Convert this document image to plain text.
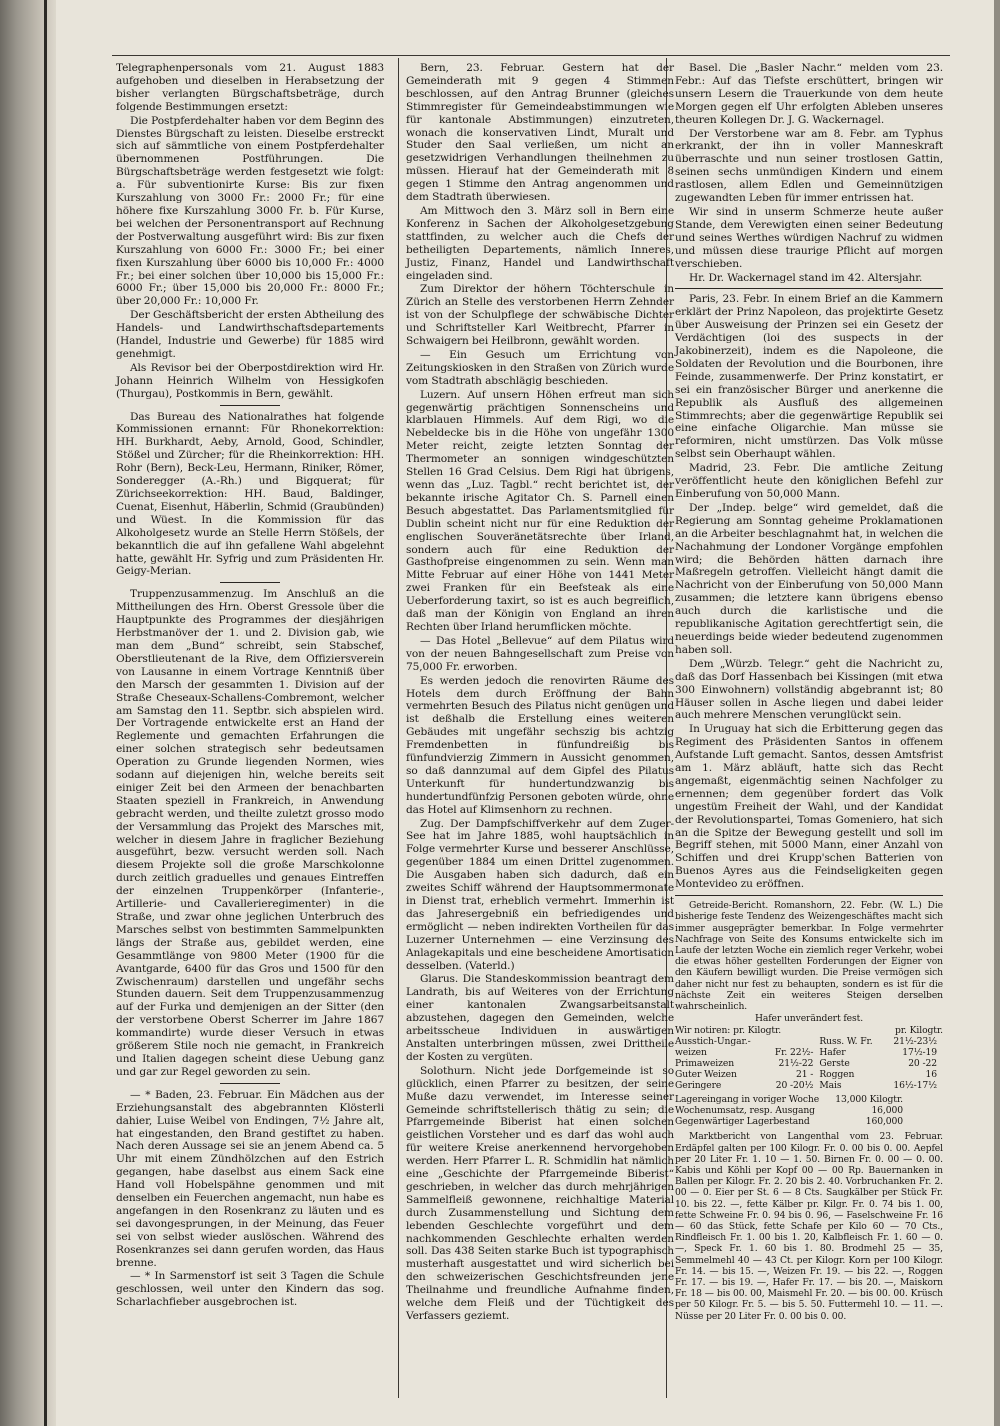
Telegraphenpersonals vom 21. August 1883 aufgehoben und dieselben in Herabsetzung der bisher verlangten Bürgschaftsbeträge, durch folgende Bestimmungen ersetzt:

Die Postpferdehalter haben vor dem Beginn des Dienstes Bürgschaft zu leisten. Dieselbe erstreckt sich auf sämmtliche von einem Postpferdehalter übernommenen Postführungen. Die Bürgschaftsbeträge werden festgesetzt wie folgt: a. Für subventionirte Kurse: Bis zur fixen Kurszahlung von 3000 Fr.: 2000 Fr.; für eine höhere fixe Kurszahlung 3000 Fr. b. Für Kurse, bei welchen der Personentransport auf Rechnung der Postverwaltung ausgeführt wird: Bis zur fixen Kurszahlung von 6000 Fr.: 3000 Fr.; bei einer fixen Kurszahlung über 6000 bis 10,000 Fr.: 4000 Fr.; bei einer solchen über 10,000 bis 15,000 Fr.: 6000 Fr.; über 15,000 bis 20,000 Fr.: 8000 Fr.; über 20,000 Fr.: 10,000 Fr.

Der Geschäftsbericht der ersten Abtheilung des Handels- und Landwirthschaftsdepartements (Handel, Industrie und Gewerbe) für 1885 wird genehmigt.

Als Revisor bei der Oberpostdirektion wird Hr. Johann Heinrich Wilhelm von Hessigkofen (Thurgau), Postkommis in Bern, gewählt.

Das Bureau des Nationalrathes hat folgende Kommissionen ernannt: Für Rhonekorrektion: HH. Burkhardt, Aeby, Arnold, Good, Schindler, Stößel und Zürcher; für die Rheinkorrektion: HH. Rohr (Bern), Beck-Leu, Hermann, Riniker, Römer, Sonderegger (A.-Rh.) und Bigquerat; für Zürichseekorrektion: HH. Baud, Baldinger, Cuenat, Eisenhut, Häberlin, Schmid (Graubünden) und Wüest. In die Kommission für das Alkoholgesetz wurde an Stelle Herrn Stößels, der bekanntlich die auf ihn gefallene Wahl abgelehnt hatte, gewählt Hr. Syfrig und zum Präsidenten Hr. Geigy-Merian.

Truppenzusammenzug. Im Anschluß an die Mittheilungen des Hrn. Oberst Gressole über die Hauptpunkte des Programmes der diesjährigen Herbstmanöver der 1. und 2. Division gab, wie man dem „Bund“ schreibt, sein Stabschef, Oberstlieutenant de la Rive, dem Offiziersverein von Lausanne in einem Vortrage Kenntniß über den Marsch der gesammten 1. Division auf der Straße Cheseaux-Schallens-Combremont, welcher am Samstag den 11. Septbr. sich abspielen wird. Der Vortragende entwickelte erst an Hand der Reglemente und gemachten Erfahrungen die einer solchen strategisch sehr bedeutsamen Operation zu Grunde liegenden Normen, wies sodann auf diejenigen hin, welche bereits seit einiger Zeit bei den Armeen der benachbarten Staaten speziell in Frankreich, in Anwendung gebracht werden, und theilte zuletzt grosso modo der Versammlung das Projekt des Marsches mit, welcher in diesem Jahre in fraglicher Beziehung ausgeführt, bezw. versucht werden soll. Nach diesem Projekte soll die große Marschkolonne durch zeitlich graduelles und genaues Eintreffen der einzelnen Truppenkörper (Infanterie-, Artillerie- und Cavallerieregimenter) in die Straße, und zwar ohne jeglichen Unterbruch des Marsches selbst von bestimmten Sammelpunkten längs der Straße aus, gebildet werden, eine Gesammtlänge von 9800 Meter (1900 für die Avantgarde, 6400 für das Gros und 1500 für den Zwischenraum) darstellen und ungefähr sechs Stunden dauern. Seit dem Truppenzusammenzug auf der Furka und demjenigen an der Sitter (den der verstorbene Oberst Scherrer im Jahre 1867 kommandirte) wurde dieser Versuch in etwas größerem Stile noch nie gemacht, in Frankreich und Italien dagegen scheint diese Uebung ganz und gar zur Regel geworden zu sein.

— * Baden, 23. Februar. Ein Mädchen aus der Erziehungsanstalt des abgebrannten Klösterli dahier, Luise Weibel von Endingen, 7½ Jahre alt, hat eingestanden, den Brand gestiftet zu haben. Nach deren Aussage sei sie an jenem Abend ca. 5 Uhr mit einem Zündhölzchen auf den Estrich gegangen, habe daselbst aus einem Sack eine Hand voll Hobelspähne genommen und mit denselben ein Feuerchen angemacht, nun habe es angefangen in den Rosenkranz zu läuten und es sei davongesprungen, in der Meinung, das Feuer sei von selbst wieder auslöschen. Während des Rosenkranzes sei dann gerufen worden, das Haus brenne.

— * In Sarmenstorf ist seit 3 Tagen die Schule geschlossen, weil unter den Kindern das sog. Scharlachfieber ausgebrochen ist.

Bern, 23. Februar. Gestern hat der Gemeinderath mit 9 gegen 4 Stimmen beschlossen, auf den Antrag Brunner (gleiches Stimmregister für Gemeindeabstimmungen wie für kantonale Abstimmungen) einzutreten, wonach die konservativen Lindt, Muralt und Studer den Saal verließen, um nicht an gesetzwidrigen Verhandlungen theilnehmen zu müssen. Hierauf hat der Gemeinderath mit 8 gegen 1 Stimme den Antrag angenommen und dem Stadtrath überwiesen.

Am Mittwoch den 3. März soll in Bern eine Konferenz in Sachen der Alkoholgesetzgebung stattfinden, zu welcher auch die Chefs der betheiligten Departements, nämlich Inneres, Justiz, Finanz, Handel und Landwirthschaft eingeladen sind.

Zum Direktor der höhern Töchterschule in Zürich an Stelle des verstorbenen Herrn Zehnder ist von der Schulpflege der schwäbische Dichter und Schriftsteller Karl Weitbrecht, Pfarrer in Schwaigern bei Heilbronn, gewählt worden.

— Ein Gesuch um Errichtung von Zeitungskiosken in den Straßen von Zürich wurde vom Stadtrath abschlägig beschieden.

Luzern. Auf unsern Höhen erfreut man sich gegenwärtig prächtigen Sonnenscheins und klarblauen Himmels. Auf dem Rigi, wo die Nebeldecke bis in die Höhe von ungefähr 1300 Meter reicht, zeigte letzten Sonntag der Thermometer an sonnigen windgeschützten Stellen 16 Grad Celsius. Dem Rigi hat übrigens, wenn das „Luz. Tagbl.“ recht berichtet ist, der bekannte irische Agitator Ch. S. Parnell einen Besuch abgestattet. Das Parlamentsmitglied für Dublin scheint nicht nur für eine Reduktion der englischen Souveränetätsrechte über Irland, sondern auch für eine Reduktion der Gasthofpreise eingenommen zu sein. Wenn man Mitte Februar auf einer Höhe von 1441 Meter zwei Franken für ein Beefsteak als eine Ueberforderung taxirt, so ist es auch begreiflich, daß man der Königin von England an ihren Rechten über Irland herumflicken möchte.

— Das Hotel „Bellevue“ auf dem Pilatus wird von der neuen Bahngesellschaft zum Preise von 75,000 Fr. erworben.

Es werden jedoch die renovirten Räume des Hotels dem durch Eröffnung der Bahn vermehrten Besuch des Pilatus nicht genügen und ist deßhalb die Erstellung eines weiteren Gebäudes mit ungefähr sechszig bis achtzig Fremdenbetten in fünfundreißig bis fünfundvierzig Zimmern in Aussicht genommen, so daß dannzumal auf dem Gipfel des Pilatus Unterkunft für hundertundzwanzig bis hundertundfünfzig Personen geboten würde, ohne das Hotel auf Klimsenhorn zu rechnen.

Zug. Der Dampfschiffverkehr auf dem Zuger-See hat im Jahre 1885, wohl hauptsächlich in Folge vermehrter Kurse und besserer Anschlüsse, gegenüber 1884 um einen Drittel zugenommen. Die Ausgaben haben sich dadurch, daß ein zweites Schiff während der Hauptsommermonate in Dienst trat, erheblich vermehrt. Immerhin ist das Jahresergebniß ein befriedigendes und ermöglicht — neben indirekten Vortheilen für das Luzerner Unternehmen — eine Verzinsung des Anlagekapitals und eine bescheidene Amortisation desselben. (Vaterld.)

Glarus. Die Standeskommission beantragt dem Landrath, bis auf Weiteres von der Errichtung einer kantonalen Zwangsarbeitsanstalt abzustehen, dagegen den Gemeinden, welche arbeitsscheue Individuen in auswärtigen Anstalten unterbringen müssen, zwei Drittheile der Kosten zu vergüten.

Solothurn. Nicht jede Dorfgemeinde ist so glücklich, einen Pfarrer zu besitzen, der seine Muße dazu verwendet, im Interesse seiner Gemeinde schriftstellerisch thätig zu sein; die Pfarrgemeinde Biberist hat einen solchen geistlichen Vorsteher und es darf das wohl auch für weitere Kreise anerkennend hervorgehoben werden. Herr Pfarrer L. R. Schmidlin hat nämlich eine „Geschichte der Pfarrgemeinde Biberist“ geschrieben, in welcher das durch mehrjährigen Sammelfleiß gewonnene, reichhaltige Material durch Zusammenstellung und Sichtung dem lebenden Geschlechte vorgeführt und dem nachkommenden Geschlechte erhalten werden soll. Das 438 Seiten starke Buch ist typographisch musterhaft ausgestattet und wird sicherlich bei den schweizerischen Geschichtsfreunden jene Theilnahme und freundliche Aufnahme finden, welche dem Fleiß und der Tüchtigkeit des Verfassers geziemt.

Basel. Die „Basler Nachr.“ melden vom 23. Febr.: Auf das Tiefste erschüttert, bringen wir unsern Lesern die Trauerkunde von dem heute Morgen gegen elf Uhr erfolgten Ableben unseres theuren Kollegen Dr. J. G. Wackernagel.

Der Verstorbene war am 8. Febr. am Typhus erkrankt, der ihn in voller Manneskraft überraschte und nun seiner trostlosen Gattin, seinen sechs unmündigen Kindern und einem rastlosen, allem Edlen und Gemeinnützigen zugewandten Leben für immer entrissen hat.

Wir sind in unserm Schmerze heute außer Stande, dem Verewigten einen seiner Bedeutung und seines Werthes würdigen Nachruf zu widmen und müssen diese traurige Pflicht auf morgen verschieben.

Hr. Dr. Wackernagel stand im 42. Altersjahr.

Paris, 23. Febr. In einem Brief an die Kammern erklärt der Prinz Napoleon, das projektirte Gesetz über Ausweisung der Prinzen sei ein Gesetz der Verdächtigen (loi des suspects in der Jakobinerzeit), indem es die Napoleone, die Soldaten der Revolution und die Bourbonen, ihre Feinde, zusammenwerfe. Der Prinz konstatirt, er sei ein französischer Bürger und anerkenne die Republik als Ausfluß des allgemeinen Stimmrechts; aber die gegenwärtige Republik sei eine einfache Oligarchie. Man müsse sie reformiren, nicht umstürzen. Das Volk müsse selbst sein Oberhaupt wählen.

Madrid, 23. Febr. Die amtliche Zeitung veröffentlicht heute den königlichen Befehl zur Einberufung von 50,000 Mann.

Der „Indep. belge“ wird gemeldet, daß die Regierung am Sonntag geheime Proklamationen an die Arbeiter beschlagnahmt hat, in welchen die Nachahmung der Londoner Vorgänge empfohlen wird; die Behörden hätten darnach ihre Maßregeln getroffen. Vielleicht hängt damit die Nachricht von der Einberufung von 50,000 Mann zusammen; die letztere kann übrigens ebenso auch durch die karlistische und die republikanische Agitation gerechtfertigt sein, die neuerdings beide wieder bedeutend zugenommen haben soll.

Dem „Würzb. Telegr.“ geht die Nachricht zu, daß das Dorf Hassenbach bei Kissingen (mit etwa 300 Einwohnern) vollständig abgebrannt ist; 80 Häuser sollen in Asche liegen und dabei leider auch mehrere Menschen verunglückt sein.

In Uruguay hat sich die Erbitterung gegen das Regiment des Präsidenten Santos in offenem Aufstande Luft gemacht. Santos, dessen Amtsfrist am 1. März abläuft, hatte sich das Recht angemaßt, eigenmächtig seinen Nachfolger zu ernennen; dem gegenüber fordert das Volk ungestüm Freiheit der Wahl, und der Kandidat der Revolutionspartei, Tomas Gomeniero, hat sich an die Spitze der Bewegung gestellt und soll im Begriff stehen, mit 5000 Mann, einer Anzahl von Schiffen und drei Krupp'schen Batterien von Buenos Ayres aus die Feindseligkeiten gegen Montevideo zu eröffnen.

Getreide-Bericht. Romanshorn, 22. Febr. (W. L.) Die bisherige feste Tendenz des Weizengeschäftes macht sich immer ausgeprägter bemerkbar. In Folge vermehrter Nachfrage von Seite des Konsums entwickelte sich im Laufe der letzten Woche ein ziemlich reger Verkehr, wobei die etwas höher gestellten Forderungen der Eigner von den Käufern bewilligt wurden. Die Preise vermögen sich daher nicht nur fest zu behaupten, sondern es ist für die nächste Zeit ein weiteres Steigen derselben wahrscheinlich.

Hafer unverändert fest.

Wir notiren: pr. Kilogtr.		pr. Kilogtr.	
Ausstich-Ungar.-		Russ. W. Fr.	21½-23½
weizen	Fr. 22½-	Hafer	17½-19
Primaweizen	21½-22	Gerste	20 -22
Guter Weizen	21 -	Roggen	16
Geringere	20 -20½	Mais	16½-17½
Lagereingang in voriger Woche	13,000 Kilogtr.
Wochenumsatz, resp. Ausgang	16,000
Gegenwärtiger Lagerbestand	160,000

Marktbericht von Langenthal vom 23. Februar. Erdäpfel galten per 100 Kilogr. Fr. 0. 00 bis 0. 00. Aepfel per 20 Liter Fr. 1. 10 — 1. 50. Birnen Fr. 0. 00 — 0. 00. Kabis und Köhli per Kopf 00 — 00 Rp. Bauernanken in Ballen per Kilogr. Fr. 2. 20 bis 2. 40. Vorbruchanken Fr. 2. 00 — 0. Eier per St. 6 — 8 Cts. Saugkälber per Stück Fr. 10. bis 22. —, fette Kälber pr. Kilgr. Fr. 0. 74 bis 1. 00, fette Schweine Fr. 0. 94 bis 0. 96, — Faselschweine Fr. 16 — 60 das Stück, fette Schafe per Kilo 60 — 70 Cts., Rindfleisch Fr. 1. 00 bis 1. 20, Kalbfleisch Fr. 1. 60 — 0. —, Speck Fr. 1. 60 bis 1. 80. Brodmehl 25 — 35, Semmelmehl 40 — 43 Ct. per Kilogr. Korn per 100 Kilogr. Fr. 14. — bis 15. —, Weizen Fr. 19. — bis 22. —, Roggen Fr. 17. — bis 19. —, Hafer Fr. 17. — bis 20. —, Maiskorn Fr. 18 — bis 00. 00, Maismehl Fr. 20. — bis 00. 00. Krüsch per 50 Kilogr. Fr. 5. — bis 5. 50. Futtermehl 10. — 11. —. Nüsse per 20 Liter Fr. 0. 00 bis 0. 00.
